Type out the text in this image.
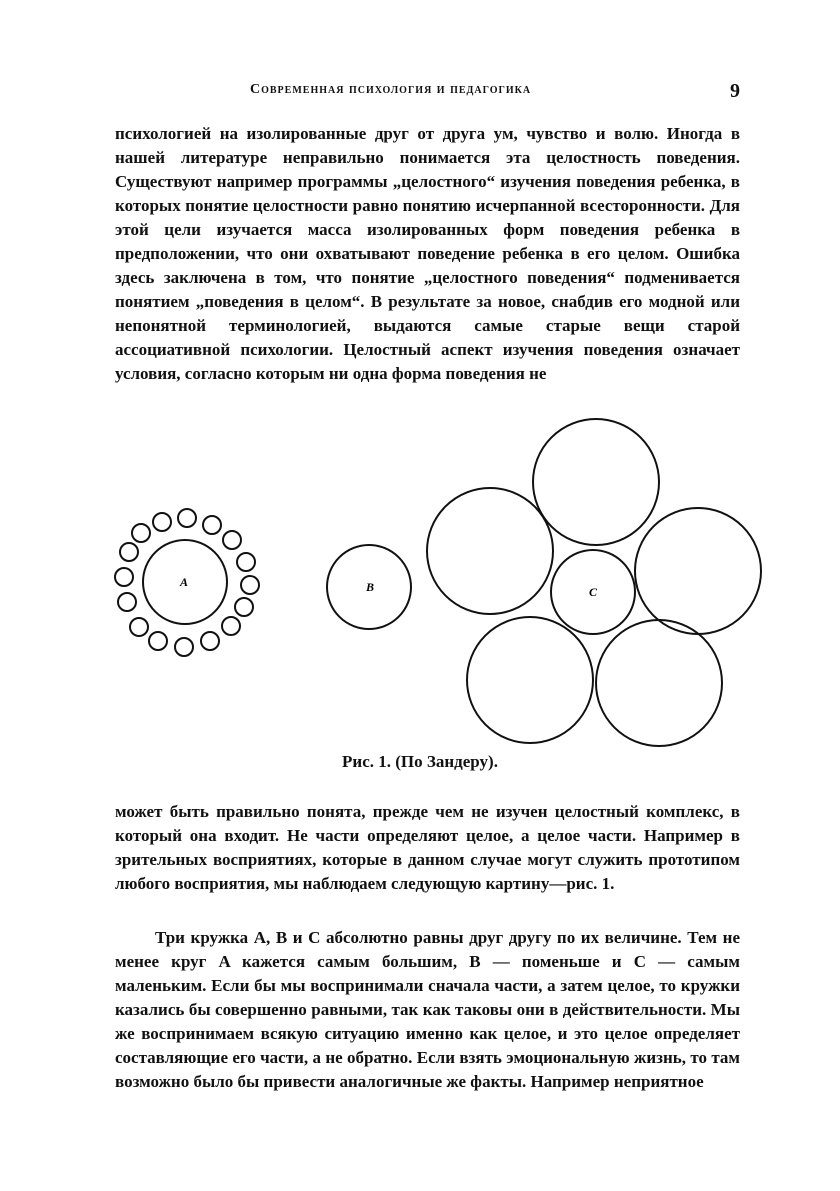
Современная психология и педагогика	9

психологией на изолированные друг от друга ум, чувство и волю. Иногда в нашей литературе неправильно понимается эта целостность поведения. Существуют например программы „целостного“ изучения поведения ребенка, в которых понятие целостности равно понятию исчерпанной всесторонности. Для этой цели изучается масса изолированных форм поведения ребенка в предположении, что они охватывают поведение ребенка в его целом. Ошибка здесь заключена в том, что понятие „целостного поведения“ подменивается понятием „поведения в целом“. В результате за новое, снабдив его модной или непонятной терминологией, выдаются самые старые вещи старой ассоциативной психологии. Целостный аспект изучения поведения означает условия, согласно которым ни одна форма поведения не

A	B	C
Рис. 1. (По Зандеру).

может быть правильно понята, прежде чем не изучен целостный комплекс, в который она входит. Не части определяют целое, а целое части. Например в зрительных восприятиях, которые в данном случае могут служить прототипом любого восприятия, мы наблюдаем следующую картину—рис. 1.

Три кружка A, B и C абсолютно равны друг другу по их величине. Тем не менее круг A кажется самым большим, B — поменьше и C — самым маленьким. Если бы мы воспринимали сначала части, а затем целое, то кружки казались бы совершенно равными, так как таковы они в действительности. Мы же воспринимаем всякую ситуацию именно как целое, и это целое определяет составляющие его части, а не обратно. Если взять эмоциональную жизнь, то там возможно было бы привести аналогичные же факты. Например неприятное
